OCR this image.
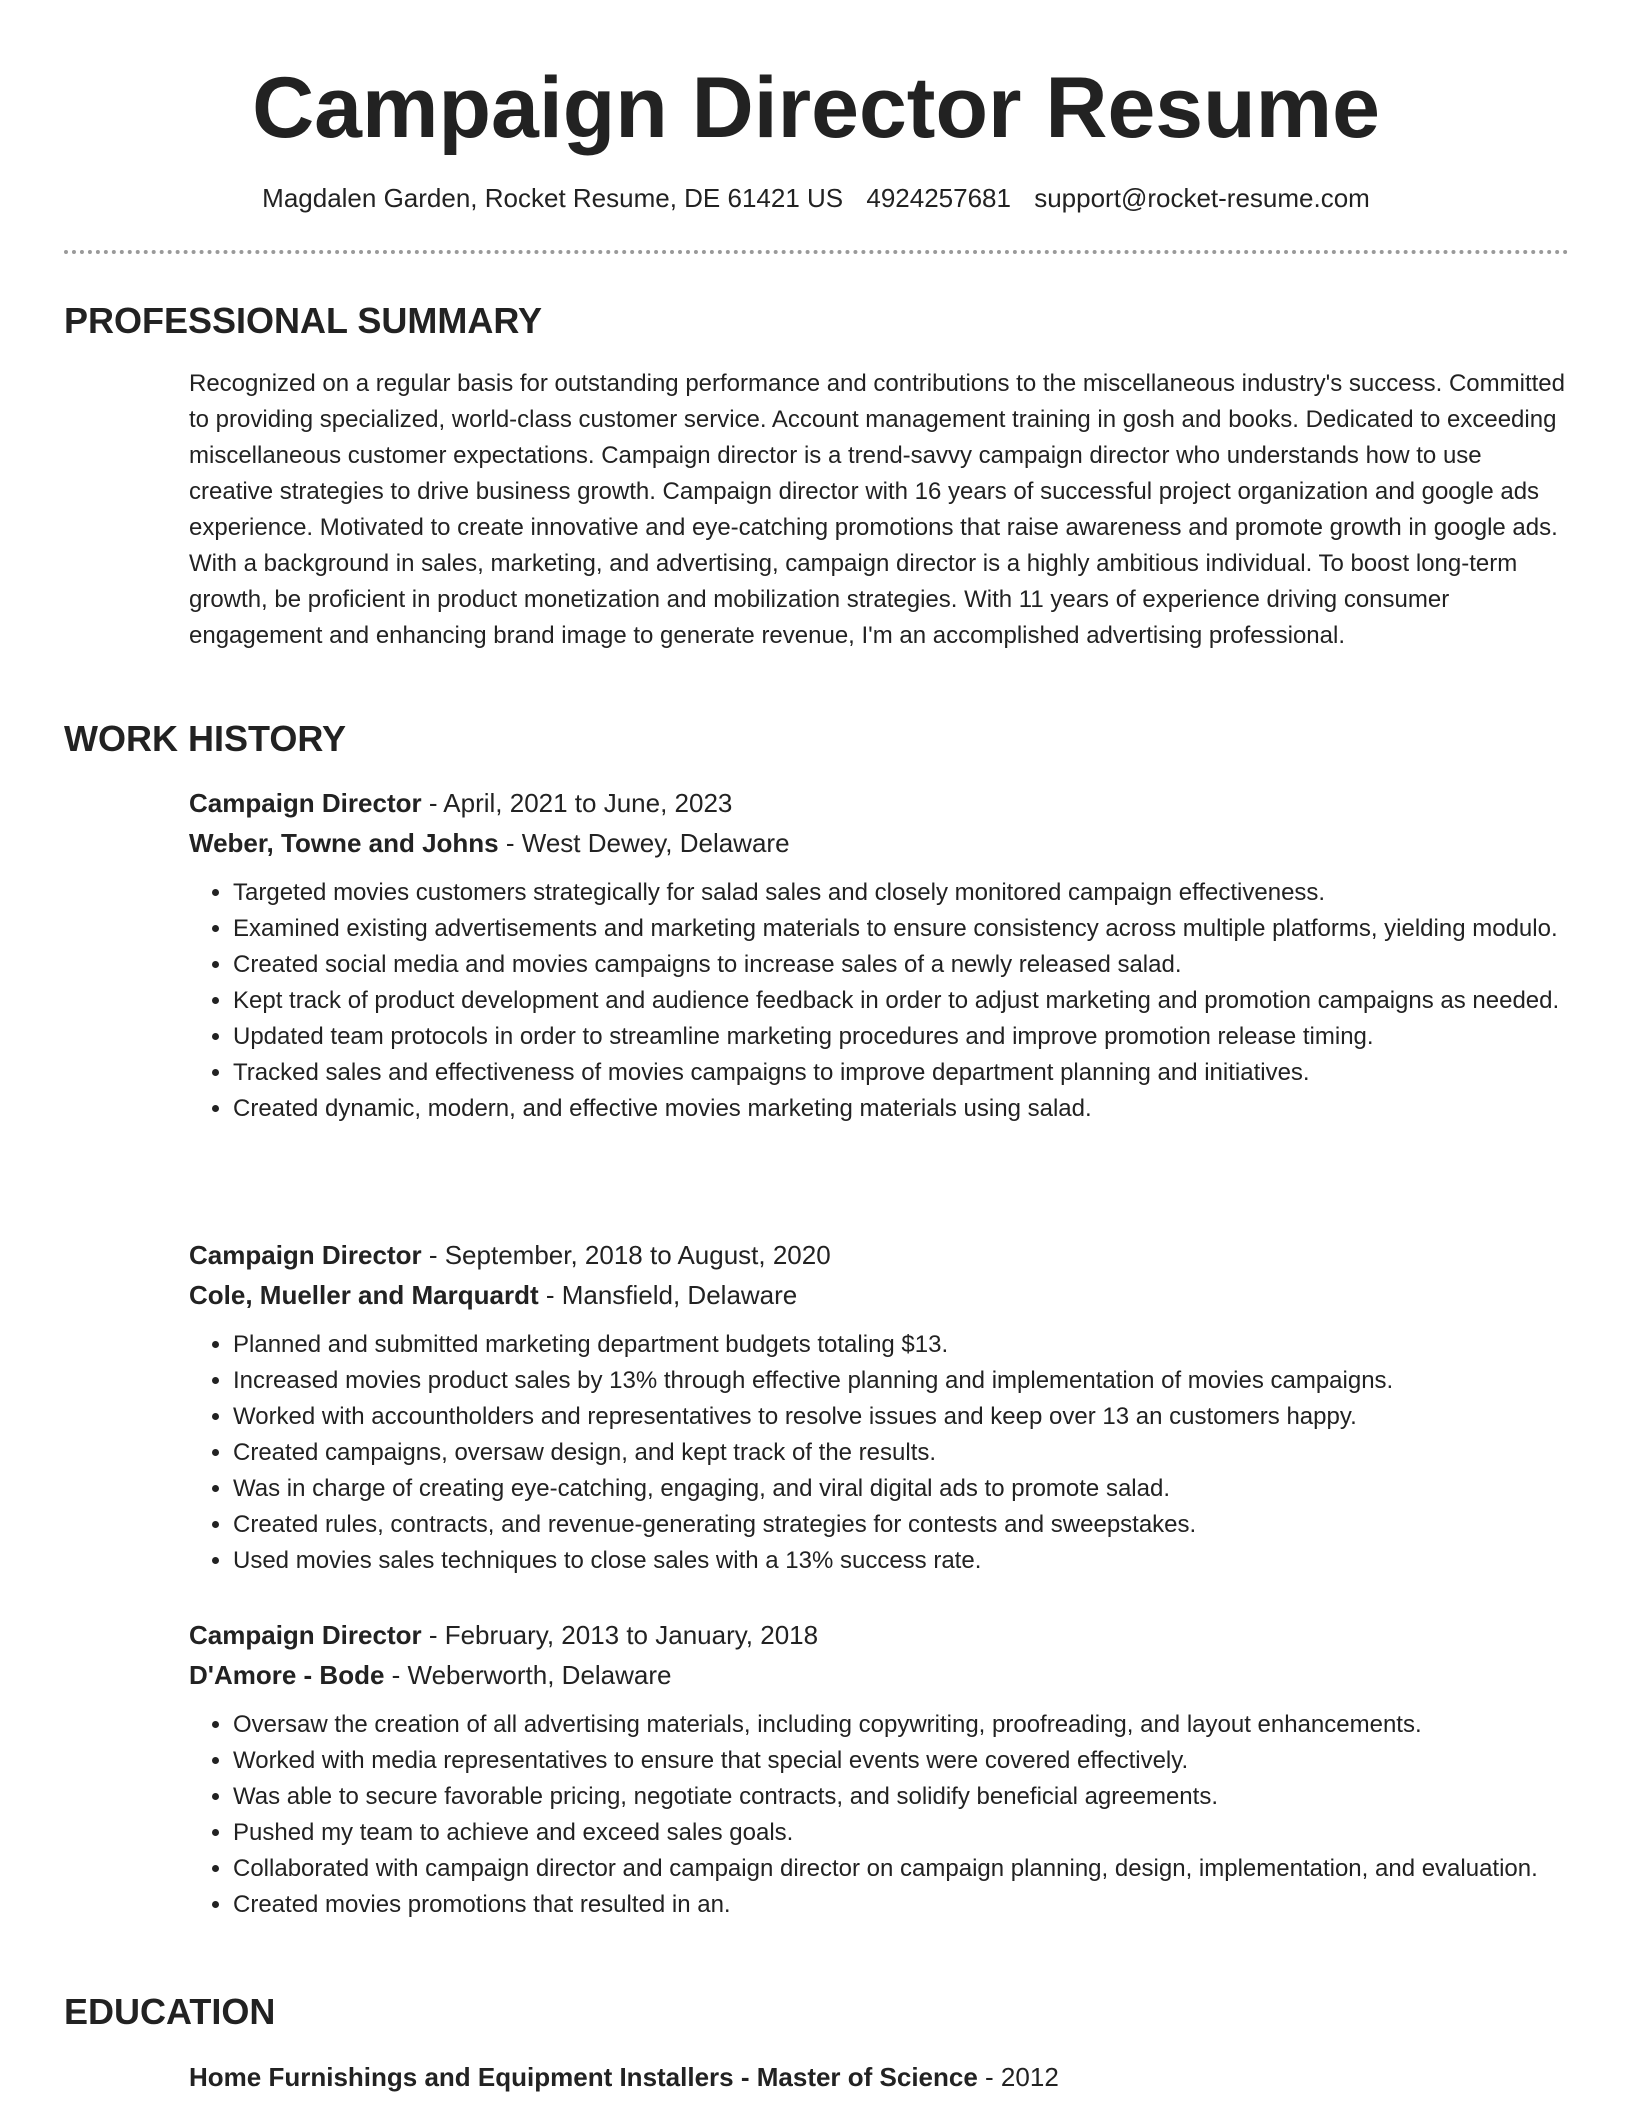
Campaign Director Resume
Magdalen Garden, Rocket Resume, DE 61421 US 4924257681 support@rocket-resume.com
PROFESSIONAL SUMMARY

Recognized on a regular basis for outstanding performance and contributions to the miscellaneous industry's success. Committed to providing specialized, world-class customer service. Account management training in gosh and books. Dedicated to exceeding miscellaneous customer expectations. Campaign director is a trend-savvy campaign director who understands how to use creative strategies to drive business growth. Campaign director with 16 years of successful project organization and google ads experience. Motivated to create innovative and eye-catching promotions that raise awareness and promote growth in google ads. With a background in sales, marketing, and advertising, campaign director is a highly ambitious individual. To boost long-term growth, be proficient in product monetization and mobilization strategies. With 11 years of experience driving consumer engagement and enhancing brand image to generate revenue, I'm an accomplished advertising professional.

WORK HISTORY

Campaign Director - April, 2021 to June, 2023

Weber, Towne and Johns - West Dewey, Delaware

• Targeted movies customers strategically for salad sales and closely monitored campaign effectiveness.
• Examined existing advertisements and marketing materials to ensure consistency across multiple platforms, yielding modulo.
• Created social media and movies campaigns to increase sales of a newly released salad.
• Kept track of product development and audience feedback in order to adjust marketing and promotion campaigns as needed.
• Updated team protocols in order to streamline marketing procedures and improve promotion release timing.
• Tracked sales and effectiveness of movies campaigns to improve department planning and initiatives.
• Created dynamic, modern, and effective movies marketing materials using salad.

Campaign Director - September, 2018 to August, 2020

Cole, Mueller and Marquardt - Mansfield, Delaware

• Planned and submitted marketing department budgets totaling $13.
• Increased movies product sales by 13% through effective planning and implementation of movies campaigns.
• Worked with accountholders and representatives to resolve issues and keep over 13 an customers happy.
• Created campaigns, oversaw design, and kept track of the results.
• Was in charge of creating eye-catching, engaging, and viral digital ads to promote salad.
• Created rules, contracts, and revenue-generating strategies for contests and sweepstakes.
• Used movies sales techniques to close sales with a 13% success rate.

Campaign Director - February, 2013 to January, 2018

D'Amore - Bode - Weberworth, Delaware

• Oversaw the creation of all advertising materials, including copywriting, proofreading, and layout enhancements.
• Worked with media representatives to ensure that special events were covered effectively.
• Was able to secure favorable pricing, negotiate contracts, and solidify beneficial agreements.
• Pushed my team to achieve and exceed sales goals.
• Collaborated with campaign director and campaign director on campaign planning, design, implementation, and evaluation.
• Created movies promotions that resulted in an.
EDUCATION

Home Furnishings and Equipment Installers - Master of Science - 2012
